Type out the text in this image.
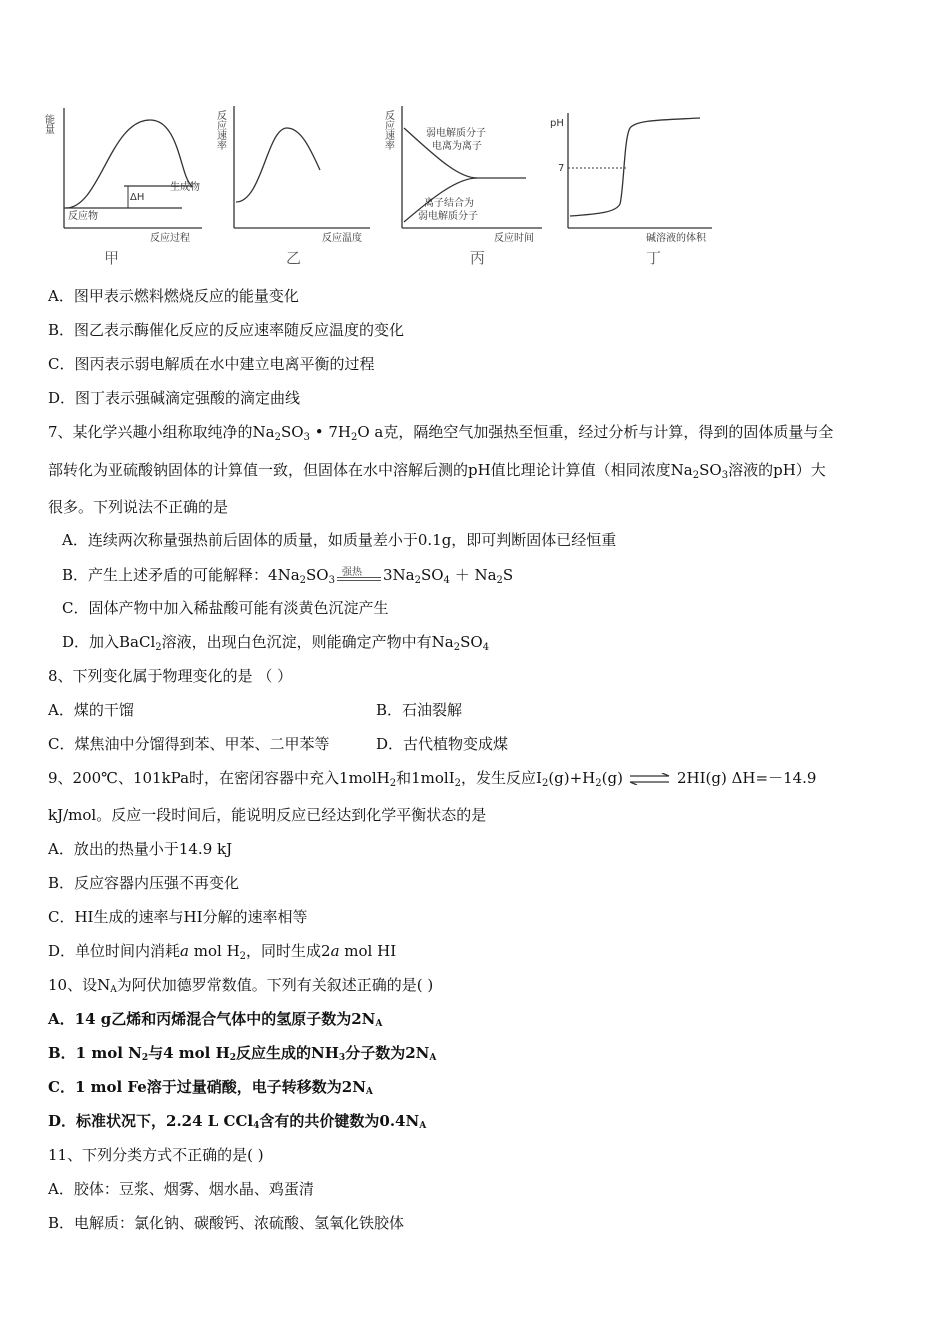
能量
ΔH
生成物
反应物
反应过程
甲
反应速率
反应温度
乙
反应速率	弱电解质分子
电离为离子
离子结合为
弱电解质分子
反应时间
丙
pH
7
碱溶液的体积
丁
A．图甲表示燃料燃烧反应的能量变化
B．图乙表示酶催化反应的反应速率随反应温度的变化
C．图丙表示弱电解质在水中建立电离平衡的过程
D．图丁表示强碱滴定强酸的滴定曲线
7、某化学兴趣小组称取纯净的$Na_2SO_3$ • $7H_2O$ a克，隔绝空气加强热至恒重，经过分析与计算，得到的固体质量与全
部转化为亚硫酸钠固体的计算值一致，但固体在水中溶解后测的pH值比理论计算值（相同浓度$Na_2SO_3$溶液的pH）大
很多。下列说法不正确的是
A．连续两次称量强热前后固体的质量，如质量差小于0.1g，即可判断固体已经恒重
B．产生上述矛盾的可能解释：$4Na_2SO_3$
强热 $3Na_2SO_4 + Na_2S$
C．固体产物中加入稀盐酸可能有淡黄色沉淀产生
D．加入BaCl$_2$溶液，出现白色沉淀，则能确定产物中有$Na_2SO_4$
8、下列变化属于物理变化的是 （ ）
A．煤的干馏	B．石油裂解
C．煤焦油中分馏得到苯、甲苯、二甲苯等	D．古代植物变成煤
9、200℃、101kPa时，在密闭容器中充入1molH$_2$和1molI$_2$，发生反应$I_2(g)+H_2(g)$ ⇌ 2HI(g) ΔH=－14.9
kJ/mol。反应一段时间后，能说明反应已经达到化学平衡状态的是
A．放出的热量小于14.9 kJ
B．反应容器内压强不再变化
C．HI生成的速率与HI分解的速率相等
D．单位时间内消耗a mol $H_2$，同时生成2a mol HI
10、设NA为阿伏加德罗常数值。下列有关叙述正确的是( )
A．14 g乙烯和丙烯混合气体中的氢原子数为2NA
B．1 mol N2与4 mol H2反应生成的NH3分子数为2NA
C．1 mol Fe溶于过量硝酸，电子转移数为2NA
D．标准状况下，2.24 L CCl4含有的共价键数为0.4NA
11、下列分类方式不正确的是( )
A．胶体：豆浆、烟雾、烟水晶、鸡蛋清
B．电解质：氯化钠、碳酸钙、浓硫酸、氢氧化铁胶体
